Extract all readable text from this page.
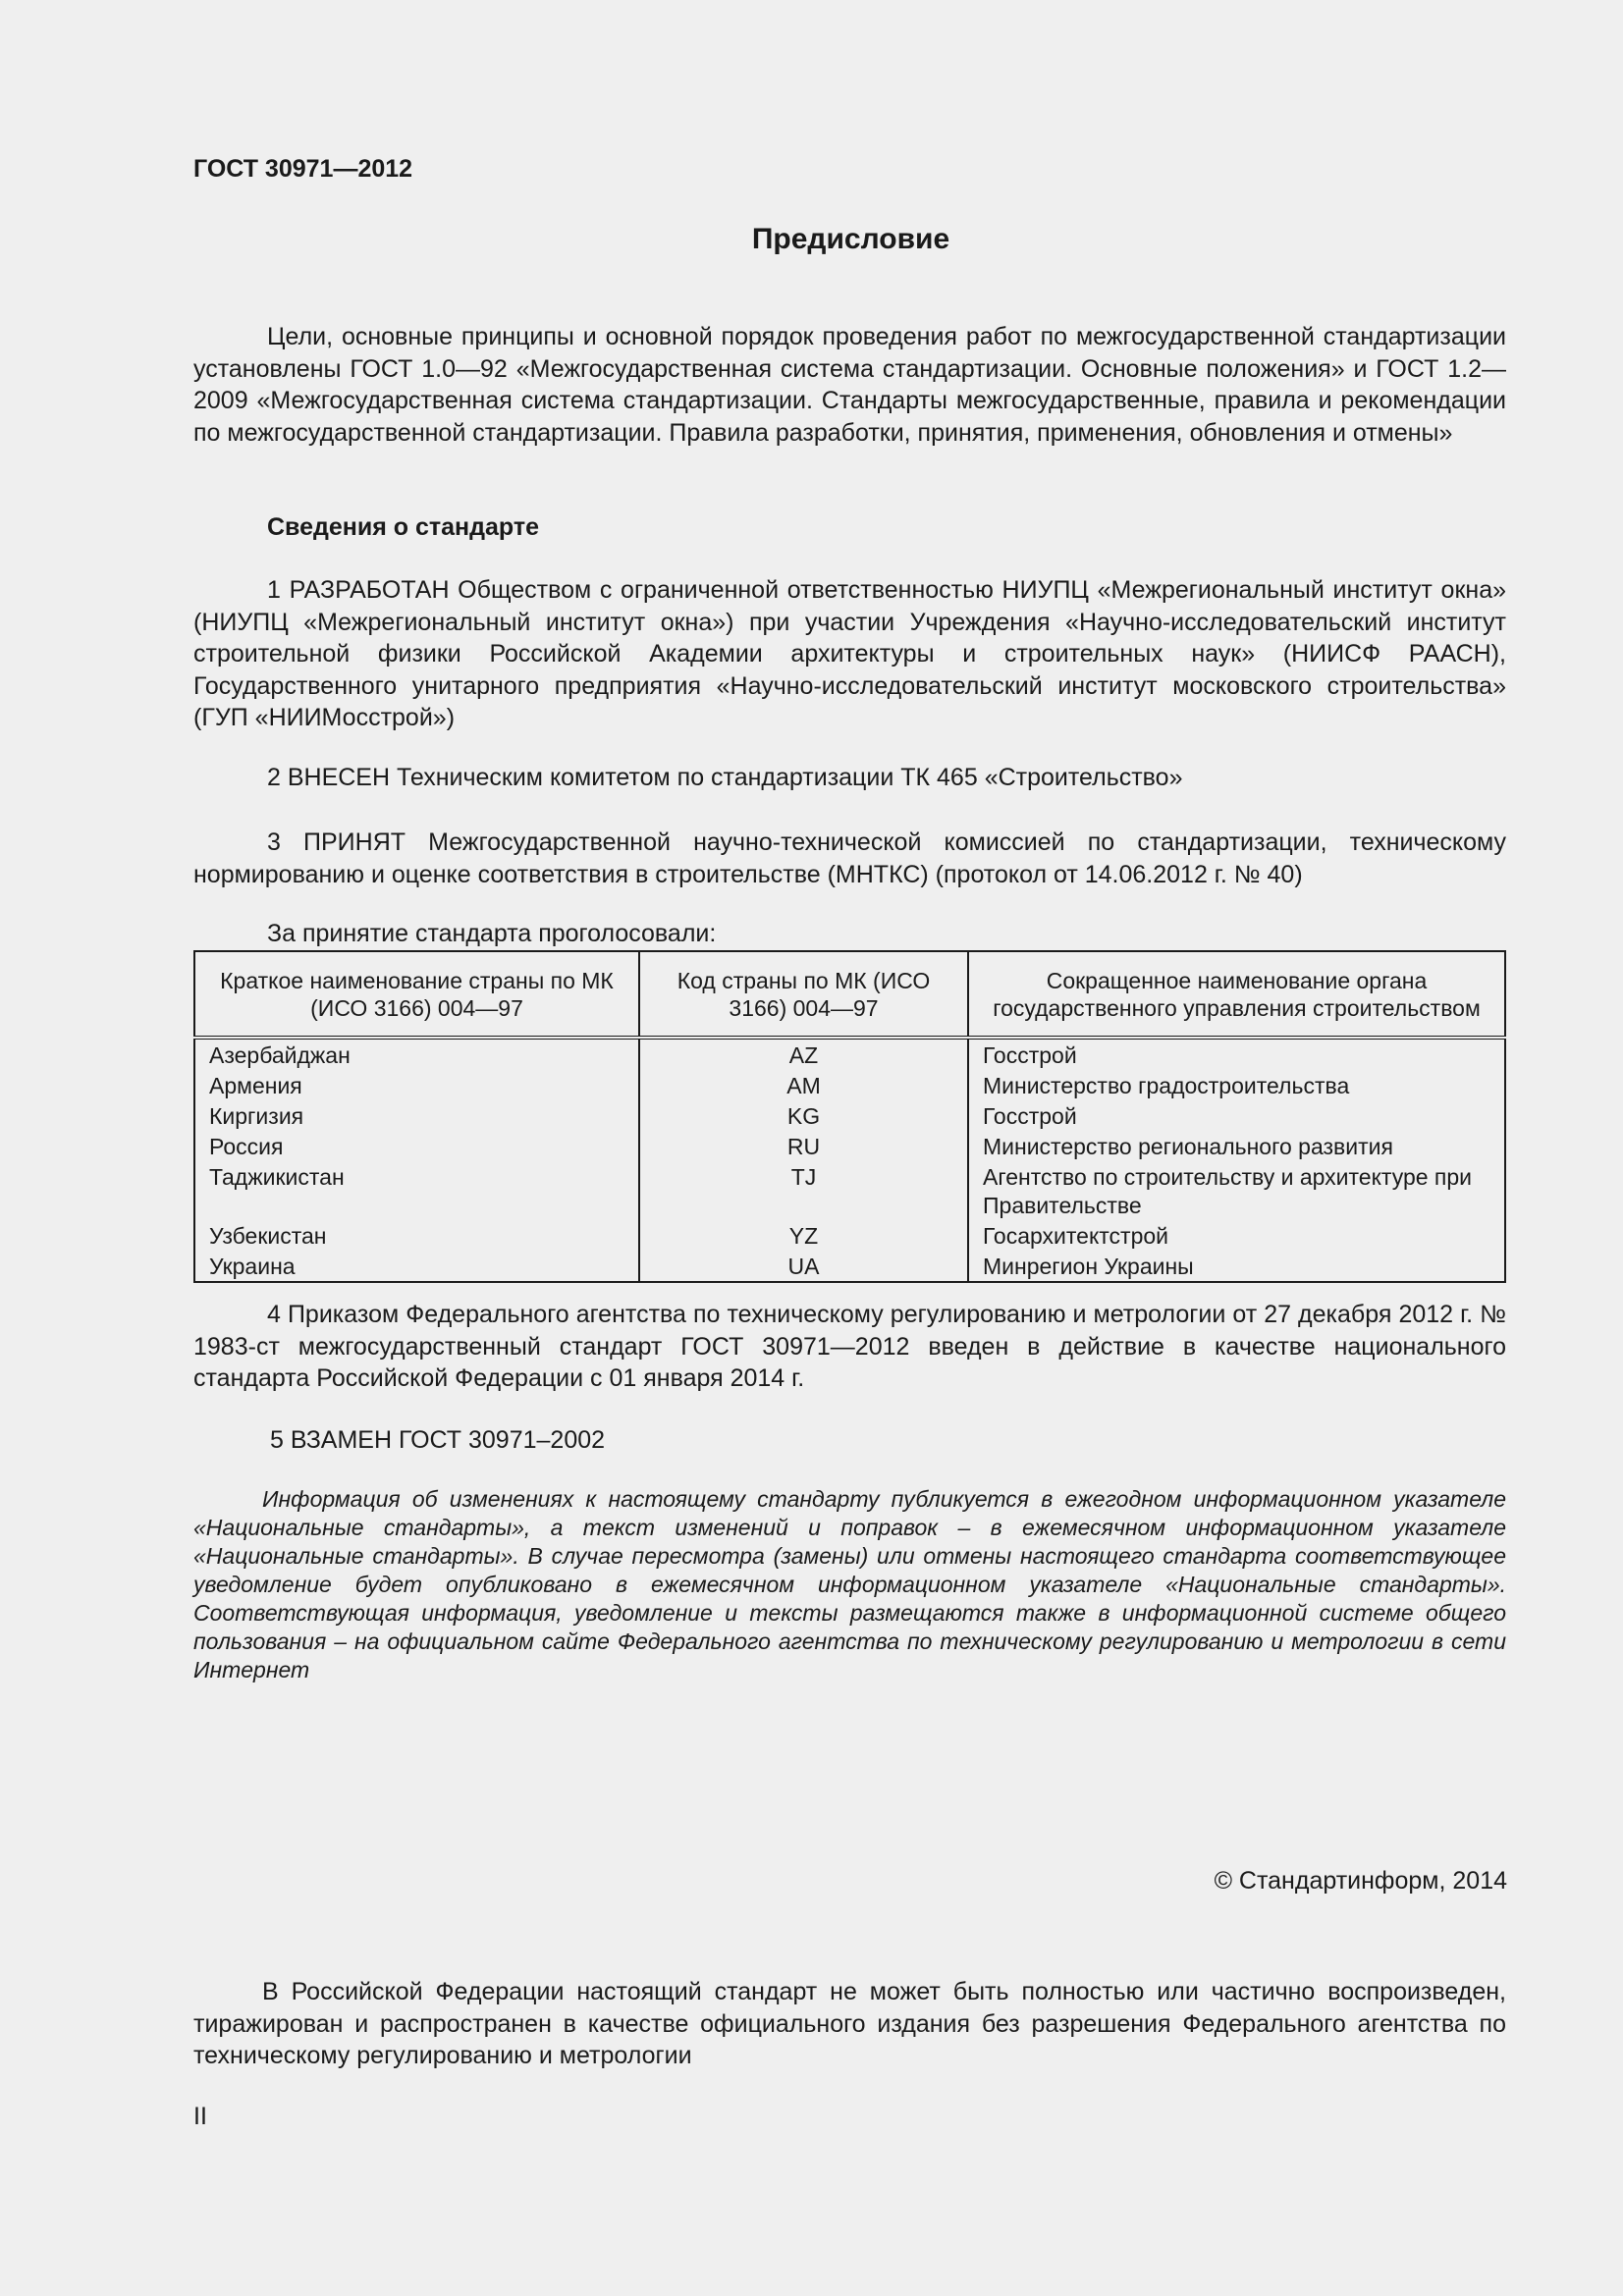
ГОСТ 30971—2012
Предисловие
Цели, основные принципы и основной порядок проведения работ по межгосударственной стандартизации установлены ГОСТ 1.0—92 «Межгосударственная система стандартизации. Основные положения» и ГОСТ 1.2—2009 «Межгосударственная система стандартизации. Стандарты межгосударственные, правила и рекомендации по межгосударственной стандартизации. Правила разработки, принятия, применения, обновления и отмены»
Сведения о стандарте
1 РАЗРАБОТАН Обществом с ограниченной ответственностью НИУПЦ «Межрегиональный институт окна» (НИУПЦ «Межрегиональный институт окна») при участии Учреждения «Научно-исследовательский институт строительной физики Российской Академии архитектуры и строительных наук» (НИИСФ РААСН), Государственного унитарного предприятия «Научно-исследовательский институт московского строительства» (ГУП «НИИМосстрой»)
2 ВНЕСЕН Техническим комитетом по стандартизации ТК 465 «Строительство»
3 ПРИНЯТ Межгосударственной научно-технической комиссией по стандартизации, техническому нормированию и оценке соответствия в строительстве (МНТКС) (протокол от 14.06.2012 г. № 40)
За принятие стандарта проголосовали:
Краткое наименование страны по МК (ИСО 3166) 004—97	Код страны по МК (ИСО 3166) 004—97	Сокращенное наименование органа государственного управления строительством
Азербайджан	AZ	Госстрой
Армения	AM	Министерство градостроительства
Киргизия	KG	Госстрой
Россия	RU	Министерство регионального развития
Таджикистан	TJ	Агентство по строительству и архитектуре при Правительстве
Узбекистан	YZ	Госархитектстрой
Украина	UA	Минрегион Украины
4 Приказом Федерального агентства по техническому регулированию и метрологии от 27 декабря 2012 г. № 1983-ст межгосударственный стандарт ГОСТ 30971—2012 введен в действие в качестве национального стандарта Российской Федерации с 01 января 2014 г.
5 ВЗАМЕН ГОСТ 30971–2002
Информация об изменениях к настоящему стандарту публикуется в ежегодном информационном указателе «Национальные стандарты», а текст изменений и поправок – в ежемесячном информационном указателе «Национальные стандарты». В случае пересмотра (замены) или отмены настоящего стандарта соответствующее уведомление будет опубликовано в ежемесячном информационном указателе «Национальные стандарты». Соответствующая информация, уведомление и тексты размещаются также в информационной системе общего пользования – на официальном сайте Федерального агентства по техническому регулированию и метрологии в сети Интернет
© Стандартинформ, 2014
В Российской Федерации настоящий стандарт не может быть полностью или частично воспроизведен, тиражирован и распространен в качестве официального издания без разрешения Федерального агентства по техническому регулированию и метрологии
II
